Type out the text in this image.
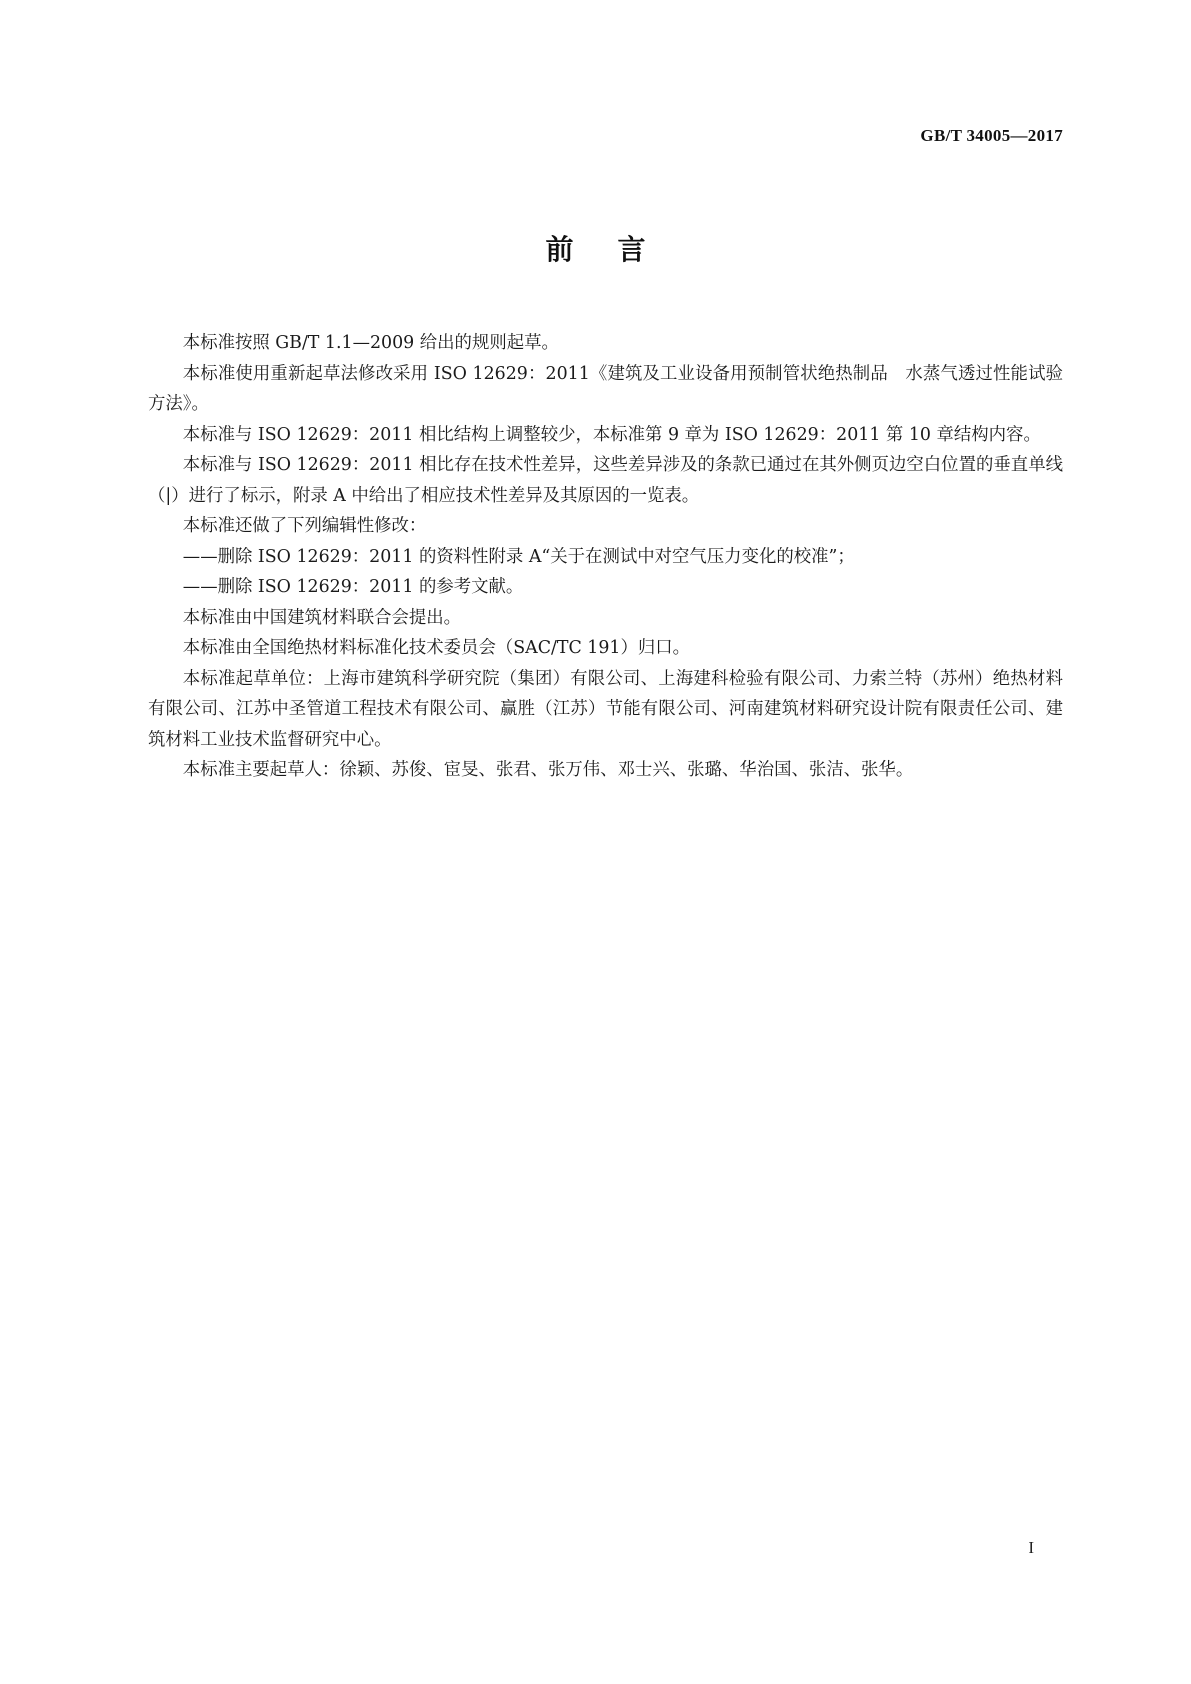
GB/T 34005—2017
前言

本标准按照 GB/T 1.1—2009 给出的规则起草。

本标准使用重新起草法修改采用 ISO 12629：2011《建筑及工业设备用预制管状绝热制品　水蒸气透过性能试验方法》。

本标准与 ISO 12629：2011 相比结构上调整较少，本标准第 9 章为 ISO 12629：2011 第 10 章结构内容。

本标准与 ISO 12629：2011 相比存在技术性差异，这些差异涉及的条款已通过在其外侧页边空白位置的垂直单线（|）进行了标示，附录 A 中给出了相应技术性差异及其原因的一览表。

本标准还做了下列编辑性修改：

——删除 ISO 12629：2011 的资料性附录 A“关于在测试中对空气压力变化的校准”；

——删除 ISO 12629：2011 的参考文献。

本标准由中国建筑材料联合会提出。

本标准由全国绝热材料标准化技术委员会（SAC/TC 191）归口。

本标准起草单位：上海市建筑科学研究院（集团）有限公司、上海建科检验有限公司、力索兰特（苏州）绝热材料有限公司、江苏中圣管道工程技术有限公司、赢胜（江苏）节能有限公司、河南建筑材料研究设计院有限责任公司、建筑材料工业技术监督研究中心。

本标准主要起草人：徐颖、苏俊、宦旻、张君、张万伟、邓士兴、张璐、华治国、张洁、张华。

I
